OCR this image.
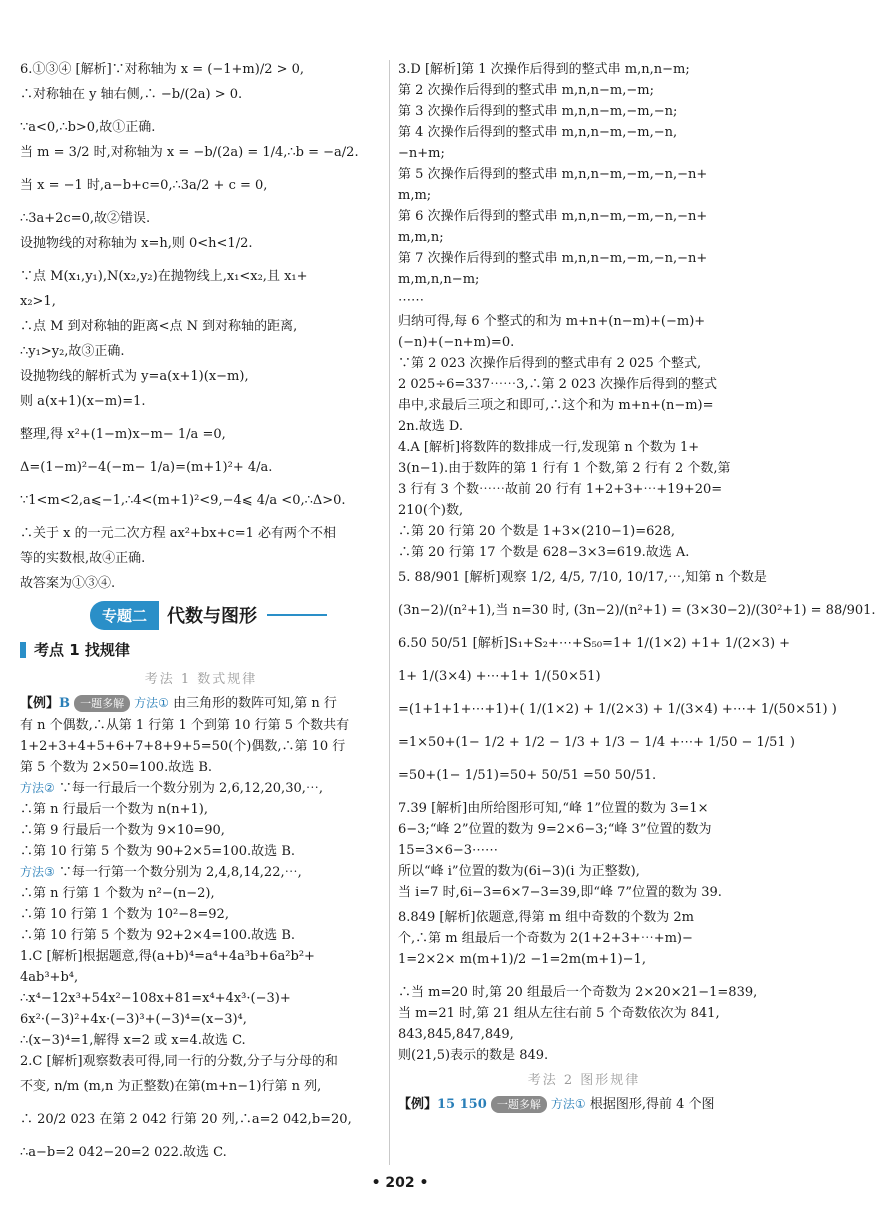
6.①③④ [解析]∵对称轴为 x = (−1+m)/2 > 0,

∴对称轴在 y 轴右侧,∴ −b/(2a) > 0.

∵a<0,∴b>0,故①正确.

当 m = 3/2 时,对称轴为 x = −b/(2a) = 1/4,∴b = −a/2.

当 x = −1 时,a−b+c=0,∴3a/2 + c = 0,

∴3a+2c=0,故②错误.

设抛物线的对称轴为 x=h,则 0<h<1/2.

∵点 M(x₁,y₁),N(x₂,y₂)在抛物线上,x₁<x₂,且 x₁+

x₂>1,

∴点 M 到对称轴的距离<点 N 到对称轴的距离,

∴y₁>y₂,故③正确.

设抛物线的解析式为 y=a(x+1)(x−m),

则 a(x+1)(x−m)=1.

整理,得 x²+(1−m)x−m− 1/a =0,

Δ=(1−m)²−4(−m− 1/a)=(m+1)²+ 4/a.

∵1<m<2,a⩽−1,∴4<(m+1)²<9,−4⩽ 4/a <0,∴Δ>0.

∴关于 x 的一元二次方程 ax²+bx+c=1 必有两个不相

等的实数根,故④正确.

故答案为①③④.

专题二	代数与图形
考点 1 找规律
考法 1 数式规律

【例】B 一题多解 方法① 由三角形的数阵可知,第 n 行

有 n 个偶数,∴从第 1 行第 1 个到第 10 行第 5 个数共有

1+2+3+4+5+6+7+8+9+5=50(个)偶数,∴第 10 行

第 5 个数为 2×50=100.故选 B.

方法② ∵每一行最后一个数分别为 2,6,12,20,30,⋯,

∴第 n 行最后一个数为 n(n+1),

∴第 9 行最后一个数为 9×10=90,

∴第 10 行第 5 个数为 90+2×5=100.故选 B.

方法③ ∵每一行第一个数分别为 2,4,8,14,22,⋯,

∴第 n 行第 1 个数为 n²−(n−2),

∴第 10 行第 1 个数为 10²−8=92,

∴第 10 行第 5 个数为 92+2×4=100.故选 B.

1.C [解析]根据题意,得(a+b)⁴=a⁴+4a³b+6a²b²+

4ab³+b⁴,

∴x⁴−12x³+54x²−108x+81=x⁴+4x³·(−3)+

6x²·(−3)²+4x·(−3)³+(−3)⁴=(x−3)⁴,

∴(x−3)⁴=1,解得 x=2 或 x=4.故选 C.

2.C [解析]观察数表可得,同一行的分数,分子与分母的和

不变, n/m (m,n 为正整数)在第(m+n−1)行第 n 列,

∴ 20/2 023 在第 2 042 行第 20 列,∴a=2 042,b=20,

∴a−b=2 042−20=2 022.故选 C.

3.D [解析]第 1 次操作后得到的整式串 m,n,n−m;

第 2 次操作后得到的整式串 m,n,n−m,−m;

第 3 次操作后得到的整式串 m,n,n−m,−m,−n;

第 4 次操作后得到的整式串 m,n,n−m,−m,−n,

−n+m;

第 5 次操作后得到的整式串 m,n,n−m,−m,−n,−n+

m,m;

第 6 次操作后得到的整式串 m,n,n−m,−m,−n,−n+

m,m,n;

第 7 次操作后得到的整式串 m,n,n−m,−m,−n,−n+

m,m,n,n−m;

⋯⋯

归纳可得,每 6 个整式的和为 m+n+(n−m)+(−m)+

(−n)+(−n+m)=0.

∵第 2 023 次操作后得到的整式串有 2 025 个整式,

2 025÷6=337⋯⋯3,∴第 2 023 次操作后得到的整式

串中,求最后三项之和即可,∴这个和为 m+n+(n−m)=

2n.故选 D.

4.A [解析]将数阵的数排成一行,发现第 n 个数为 1+

3(n−1).由于数阵的第 1 行有 1 个数,第 2 行有 2 个数,第

3 行有 3 个数⋯⋯故前 20 行有 1+2+3+⋯+19+20=

210(个)数,

∴第 20 行第 20 个数是 1+3×(210−1)=628,

∴第 20 行第 17 个数是 628−3×3=619.故选 A.

5. 88/901 [解析]观察 1/2, 4/5, 7/10, 10/17,⋯,知第 n 个数是

(3n−2)/(n²+1),当 n=30 时, (3n−2)/(n²+1) = (3×30−2)/(30²+1) = 88/901.

6.50 50/51 [解析]S₁+S₂+⋯+S₅₀=1+ 1/(1×2) +1+ 1/(2×3) +

1+ 1/(3×4) +⋯+1+ 1/(50×51)

=(1+1+1+⋯+1)+( 1/(1×2) + 1/(2×3) + 1/(3×4) +⋯+ 1/(50×51) )

=1×50+(1− 1/2 + 1/2 − 1/3 + 1/3 − 1/4 +⋯+ 1/50 − 1/51 )

=50+(1− 1/51)=50+ 50/51 =50 50/51.

7.39 [解析]由所给图形可知,“峰 1”位置的数为 3=1×

6−3;“峰 2”位置的数为 9=2×6−3;“峰 3”位置的数为

15=3×6−3⋯⋯

所以“峰 i”位置的数为(6i−3)(i 为正整数),

当 i=7 时,6i−3=6×7−3=39,即“峰 7”位置的数为 39.

8.849 [解析]依题意,得第 m 组中奇数的个数为 2m

个,∴第 m 组最后一个奇数为 2(1+2+3+⋯+m)−

1=2×2× m(m+1)/2 −1=2m(m+1)−1,

∴当 m=20 时,第 20 组最后一个奇数为 2×20×21−1=839,

当 m=21 时,第 21 组从左往右前 5 个奇数依次为 841,

843,845,847,849,

则(21,5)表示的数是 849.

考法 2 图形规律

【例】15 150 一题多解 方法① 根据图形,得前 4 个图

• 202 •
